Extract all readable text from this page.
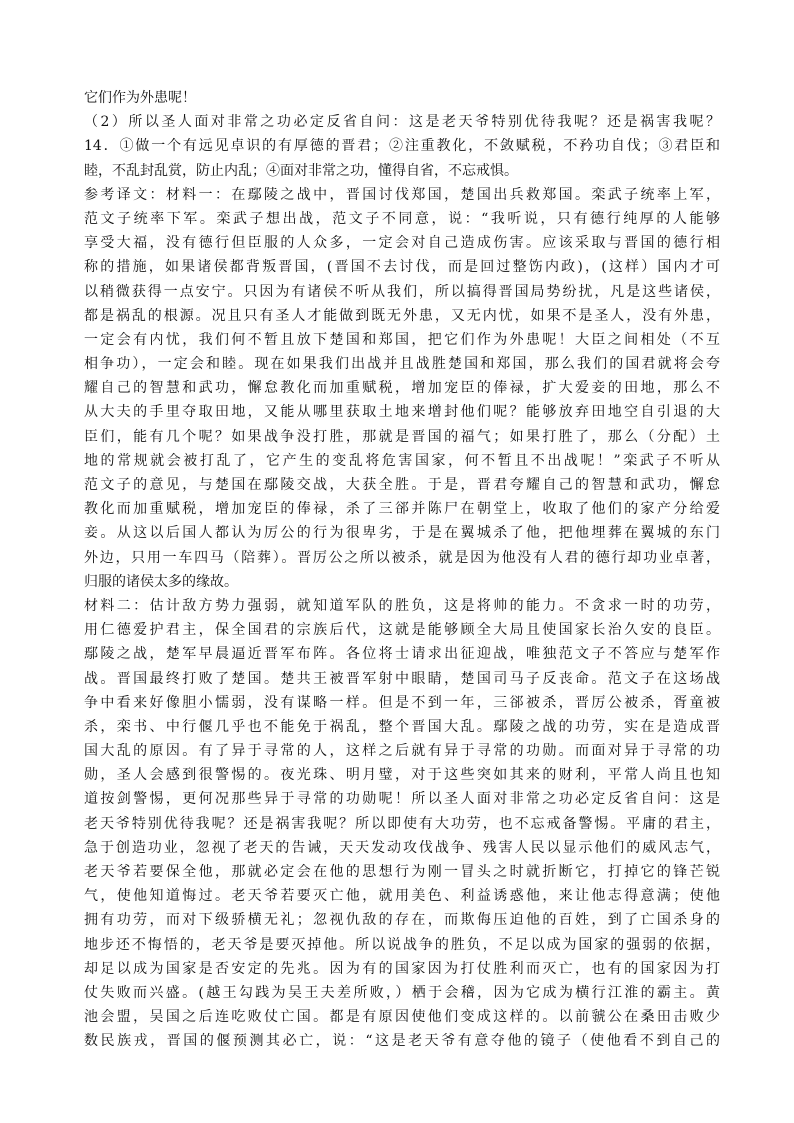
它们作为外患呢！
（2）所以圣人面对非常之功必定反省自问：这是老天爷特别优待我呢？还是祸害我呢？
14．①做一个有远见卓识的有厚德的晋君；②注重教化，不敛赋税，不矜功自伐；③君臣和
睦，不乱封乱赏，防止内乱；④面对非常之功，懂得自省，不忘戒惧。
参考译文：材料一：在鄢陵之战中，晋国讨伐郑国，楚国出兵救郑国。栾武子统率上军，
范文子统率下军。栾武子想出战，范文子不同意，说：“我听说，只有德行纯厚的人能够
享受大福，没有德行但臣服的人众多，一定会对自己造成伤害。应该采取与晋国的德行相
称的措施，如果诸侯都背叛晋国，(晋国不去讨伐，而是回过整饬内政)，(这样）国内才可
以稍微获得一点安宁。只因为有诸侯不听从我们，所以搞得晋国局势纷扰，凡是这些诸侯，
都是祸乱的根源。况且只有圣人才能做到既无外患，又无内忧，如果不是圣人，没有外患，
一定会有内忧，我们何不暂且放下楚国和郑国，把它们作为外患呢！大臣之间相处（不互
相争功），一定会和睦。现在如果我们出战并且战胜楚国和郑国，那么我们的国君就将会夸
耀自己的智慧和武功，懈怠教化而加重赋税，增加宠臣的俸禄，扩大爱妾的田地，那么不
从大夫的手里夺取田地，又能从哪里获取土地来增封他们呢？能够放弃田地空自引退的大
臣们，能有几个呢？如果战争没打胜，那就是晋国的福气；如果打胜了，那么（分配）土
地的常规就会被打乱了，它产生的变乱将危害国家，何不暂且不出战呢！”栾武子不听从
范文子的意见，与楚国在鄢陵交战，大获全胜。于是，晋君夸耀自己的智慧和武功，懈怠
教化而加重赋税，增加宠臣的俸禄，杀了三郤并陈尸在朝堂上，收取了他们的家产分给爱
妾。从这以后国人都认为厉公的行为很卑劣，于是在翼城杀了他，把他埋葬在翼城的东门
外边，只用一车四马（陪葬）。晋厉公之所以被杀，就是因为他没有人君的德行却功业卓著，
归服的诸侯太多的缘故。
材料二：估计敌方势力强弱，就知道军队的胜负，这是将帅的能力。不贪求一时的功劳，
用仁德爱护君主，保全国君的宗族后代，这就是能够顾全大局且使国家长治久安的良臣。
鄢陵之战，楚军早晨逼近晋军布阵。各位将士请求出征迎战，唯独范文子不答应与楚军作
战。晋国最终打败了楚国。楚共王被晋军射中眼睛，楚国司马子反丧命。范文子在这场战
争中看来好像胆小懦弱，没有谋略一样。但是不到一年，三郤被杀，晋厉公被杀，胥童被
杀，栾书、中行偃几乎也不能免于祸乱，整个晋国大乱。鄢陵之战的功劳，实在是造成晋
国大乱的原因。有了异于寻常的人，这样之后就有异于寻常的功勋。而面对异于寻常的功
勋，圣人会感到很警惕的。夜光珠、明月璧，对于这些突如其来的财利，平常人尚且也知
道按剑警惕，更何况那些异于寻常的功勋呢！所以圣人面对非常之功必定反省自问：这是
老天爷特别优待我呢？还是祸害我呢？所以即使有大功劳，也不忘戒备警惕。平庸的君主，
急于创造功业，忽视了老天的告诫，天天发动攻伐战争、残害人民以显示他们的威风志气，
老天爷若要保全他，那就必定会在他的思想行为刚一冒头之时就折断它，打掉它的锋芒锐
气，使他知道悔过。老天爷若要灭亡他，就用美色、利益诱惑他，来让他志得意满；使他
拥有功劳，而对下级骄横无礼；忽视仇敌的存在，而欺侮压迫他的百姓，到了亡国杀身的
地步还不悔悟的，老天爷是要灭掉他。所以说战争的胜负，不足以成为国家的强弱的依据，
却足以成为国家是否安定的先兆。因为有的国家因为打仗胜利而灭亡，也有的国家因为打
仗失败而兴盛。(越王勾践为吴王夫差所败，）栖于会稽，因为它成为横行江淮的霸主。黄
池会盟，吴国之后连吃败仗亡国。都是有原因使他们变成这样的。以前虢公在桑田击败少
数民族戎，晋国的偃预测其必亡，说：“这是老天爷有意夺他的镜子（使他看不到自己的
